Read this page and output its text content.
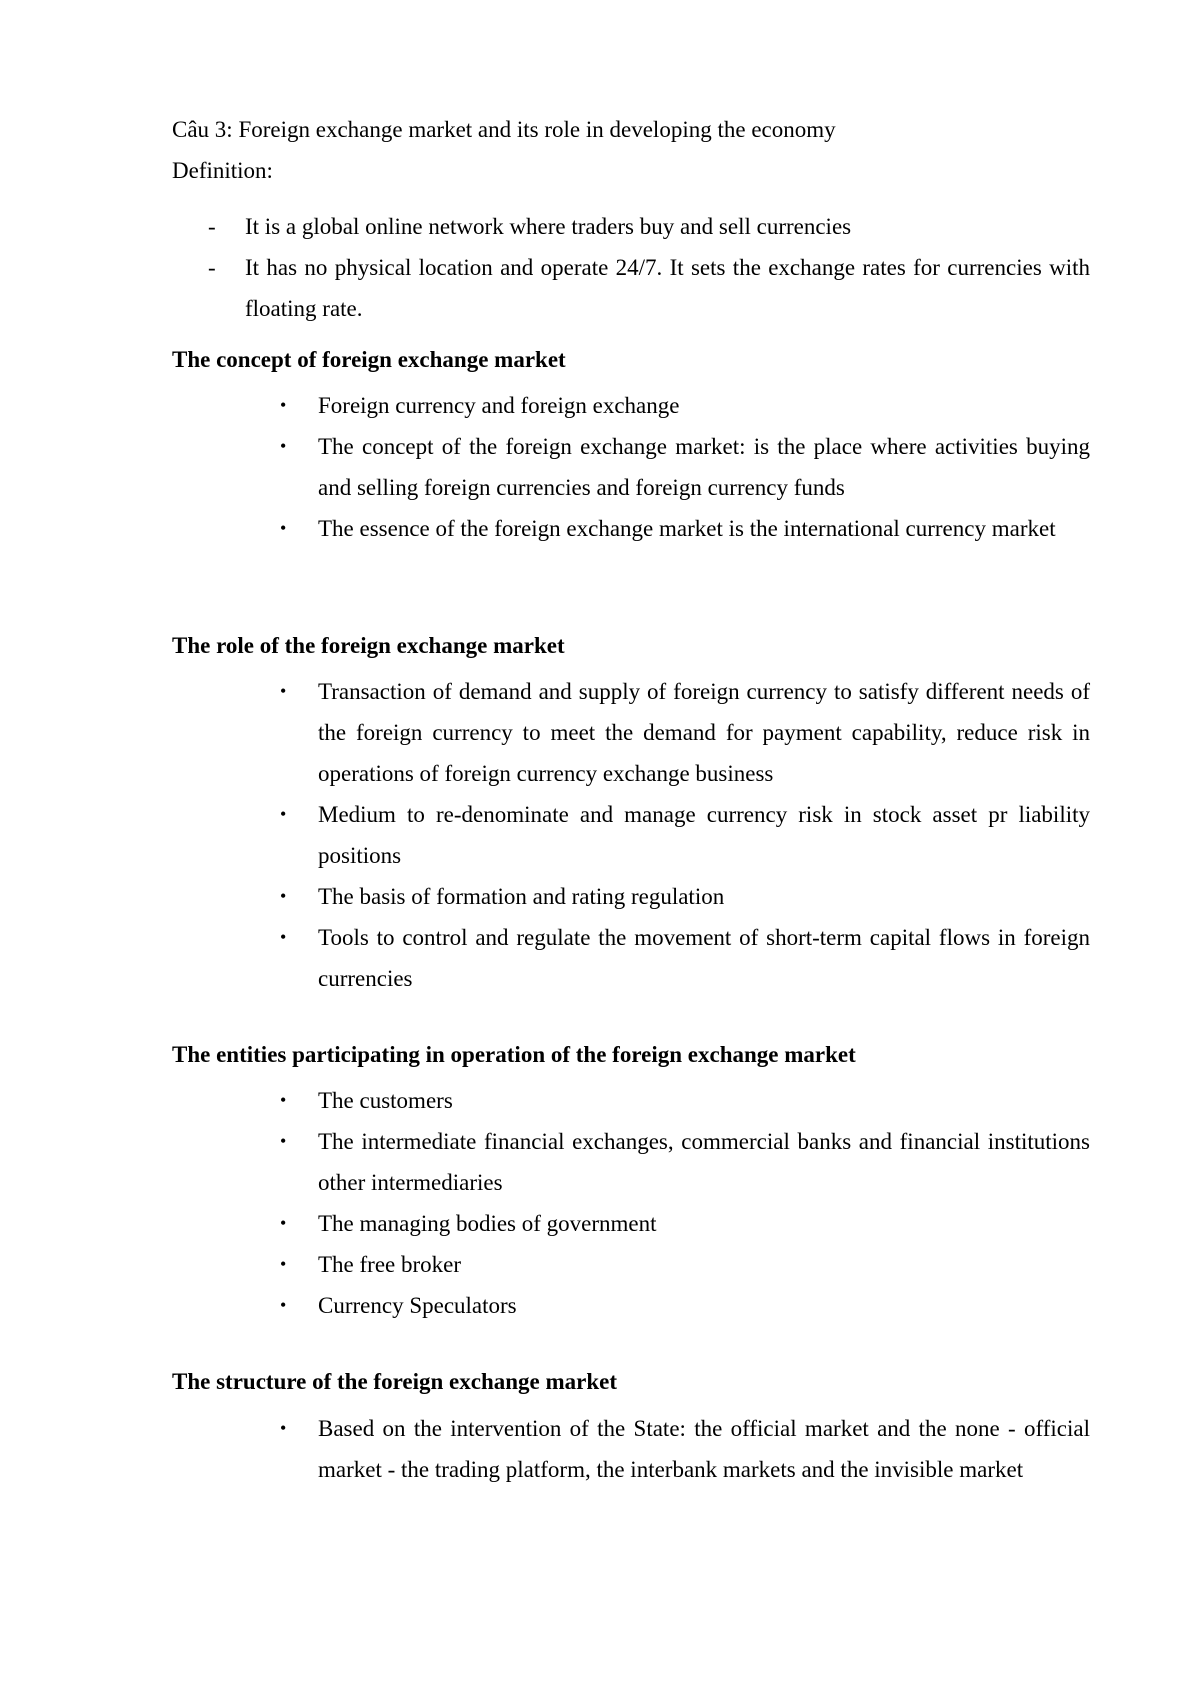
Câu 3: Foreign exchange market and its role in developing the economy
Definition:
- It is a global online network where traders buy and sell currencies
- It has no physical location and operate 24/7. It sets the exchange rates for currencies with floating rate.
The concept of foreign exchange market
• Foreign currency and foreign exchange
• The concept of the foreign exchange market: is the place where activities buying and selling foreign currencies and foreign currency funds
• The essence of the foreign exchange market is the international currency market
The role of the foreign exchange market
• Transaction of demand and supply of foreign currency to satisfy different needs of the foreign currency to meet the demand for payment capability, reduce risk in operations of foreign currency exchange business
• Medium to re-denominate and manage currency risk in stock asset pr liability positions
• The basis of formation and rating regulation
• Tools to control and regulate the movement of short-term capital flows in foreign currencies
The entities participating in operation of the foreign exchange market
• The customers
• The intermediate financial exchanges, commercial banks and financial institutions other intermediaries
• The managing bodies of government
• The free broker
• Currency Speculators
The structure of the foreign exchange market
• Based on the intervention of the State: the official market and the none - official market - the trading platform, the interbank markets and the invisible market
